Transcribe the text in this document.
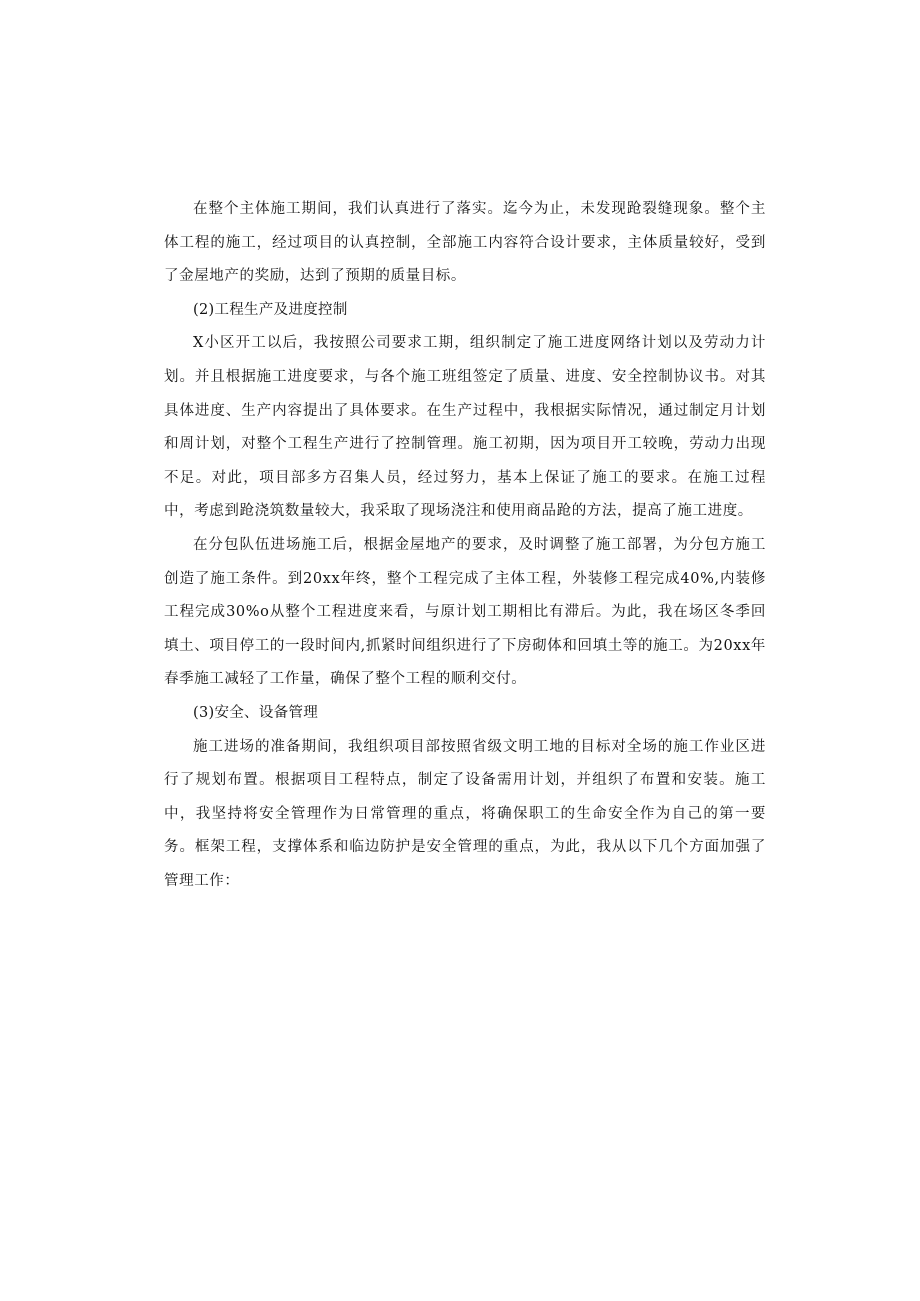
在整个主体施工期间，我们认真进行了落实。迄今为止，未发现跄裂缝现象。整个主体工程的施工，经过项目的认真控制，全部施工内容符合设计要求，主体质量较好，受到了金屋地产的奖励，达到了预期的质量目标。

(2)工程生产及进度控制

X小区开工以后，我按照公司要求工期，组织制定了施工进度网络计划以及劳动力计划。并且根据施工进度要求，与各个施工班组签定了质量、进度、安全控制协议书。对其具体进度、生产内容提出了具体要求。在生产过程中，我根据实际情况，通过制定月计划和周计划，对整个工程生产进行了控制管理。施工初期，因为项目开工较晚，劳动力出现不足。对此，项目部多方召集人员，经过努力，基本上保证了施工的要求。在施工过程中，考虑到跄浇筑数量较大，我采取了现场浇注和使用商品跄的方法，提高了施工进度。

在分包队伍进场施工后，根据金屋地产的要求，及时调整了施工部署，为分包方施工创造了施工条件。到20xx年终，整个工程完成了主体工程，外装修工程完成40%,内装修工程完成30%o从整个工程进度来看，与原计划工期相比有滞后。为此，我在场区冬季回填土、项目停工的一段时间内,抓紧时间组织进行了下房砌体和回填土等的施工。为20xx年春季施工减轻了工作量，确保了整个工程的顺利交付。

(3)安全、设备管理

施工进场的准备期间，我组织项目部按照省级文明工地的目标对全场的施工作业区进行了规划布置。根据项目工程特点，制定了设备需用计划，并组织了布置和安装。施工中，我坚持将安全管理作为日常管理的重点，将确保职工的生命安全作为自己的第一要务。框架工程，支撑体系和临边防护是安全管理的重点，为此，我从以下几个方面加强了管理工作：
